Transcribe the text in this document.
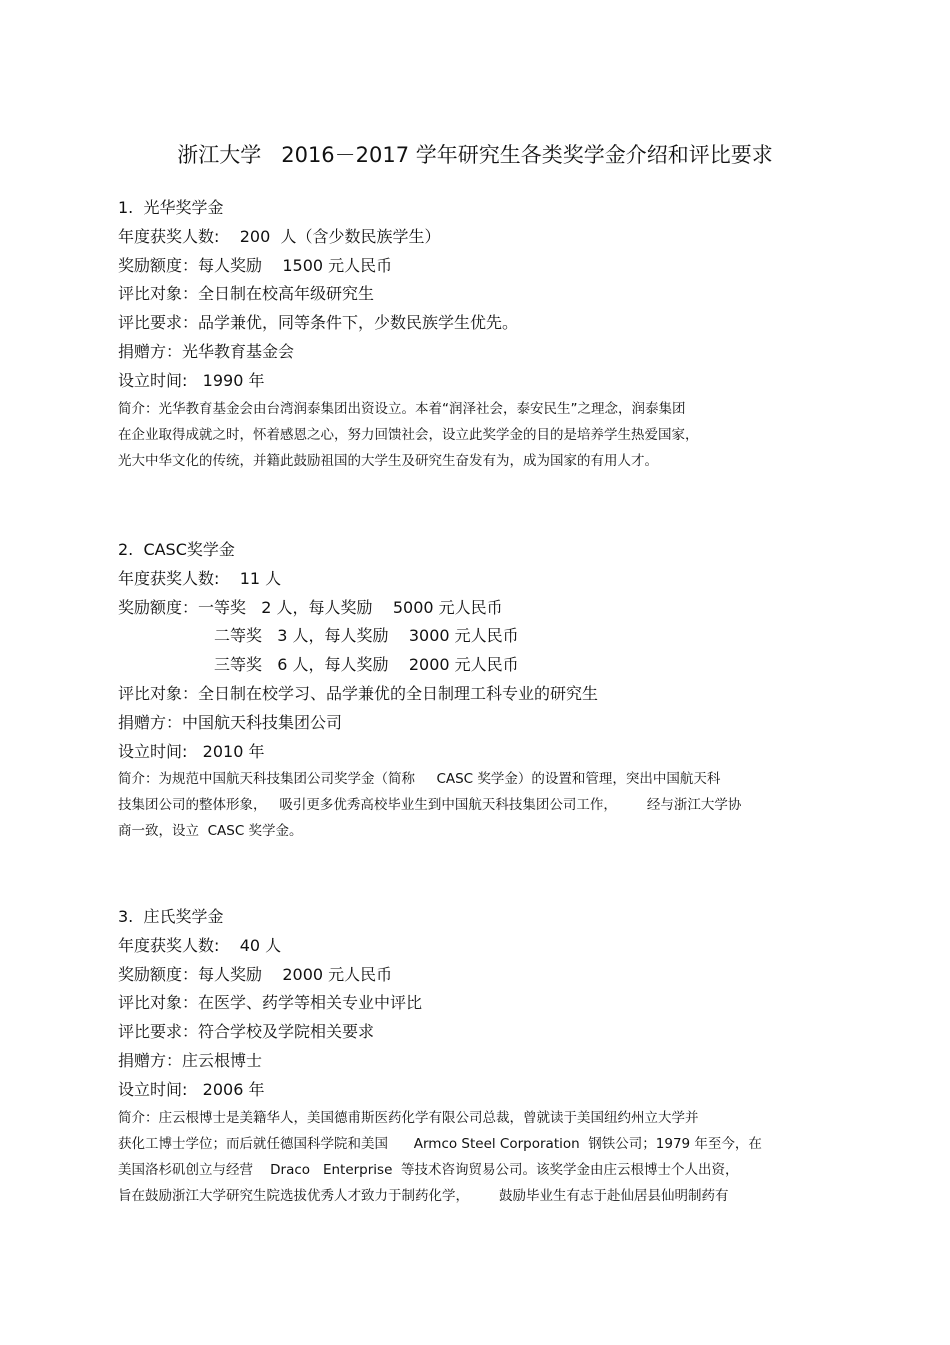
浙江大学   2016－2017 学年研究生各类奖学金介绍和评比要求
1.  光华奖学金
年度获奖人数:    200  人（含少数民族学生）
奖励额度：每人奖励    1500 元人民币
评比对象：全日制在校高年级研究生
评比要求：品学兼优，同等条件下，少数民族学生优先。
捐赠方：光华教育基金会
设立时间:   1990 年
简介：光华教育基金会由台湾润泰集团出资设立。本着“润泽社会，泰安民生”之理念，润泰集团
在企业取得成就之时，怀着感恩之心，努力回馈社会，设立此奖学金的目的是培养学生热爱国家，
光大中华文化的传统，并籍此鼓励祖国的大学生及研究生奋发有为，成为国家的有用人才。
2.  CASC奖学金
年度获奖人数:    11 人
奖励额度：一等奖   2 人，每人奖励    5000 元人民币
二等奖   3 人，每人奖励    3000 元人民币
三等奖   6 人，每人奖励    2000 元人民币
评比对象：全日制在校学习、品学兼优的全日制理工科专业的研究生
捐赠方：中国航天科技集团公司
设立时间:   2010 年
简介：为规范中国航天科技集团公司奖学金（简称     CASC 奖学金）的设置和管理，突出中国航天科
技集团公司的整体形象，   吸引更多优秀高校毕业生到中国航天科技集团公司工作，       经与浙江大学协
商一致，设立  CASC 奖学金。
3.  庄氏奖学金
年度获奖人数:    40 人
奖励额度：每人奖励    2000 元人民币
评比对象：在医学、药学等相关专业中评比
评比要求：符合学校及学院相关要求
捐赠方：庄云根博士
设立时间:   2006 年
简介：庄云根博士是美籍华人，美国德甫斯医药化学有限公司总裁，曾就读于美国纽约州立大学并
获化工博士学位；而后就任德国科学院和美国      Armco Steel Corporation  钢铁公司；1979 年至今，在
美国洛杉矶创立与经营    Draco   Enterprise  等技术咨询贸易公司。该奖学金由庄云根博士个人出资，
旨在鼓励浙江大学研究生院选拔优秀人才致力于制药化学，       鼓励毕业生有志于赴仙居县仙明制药有
